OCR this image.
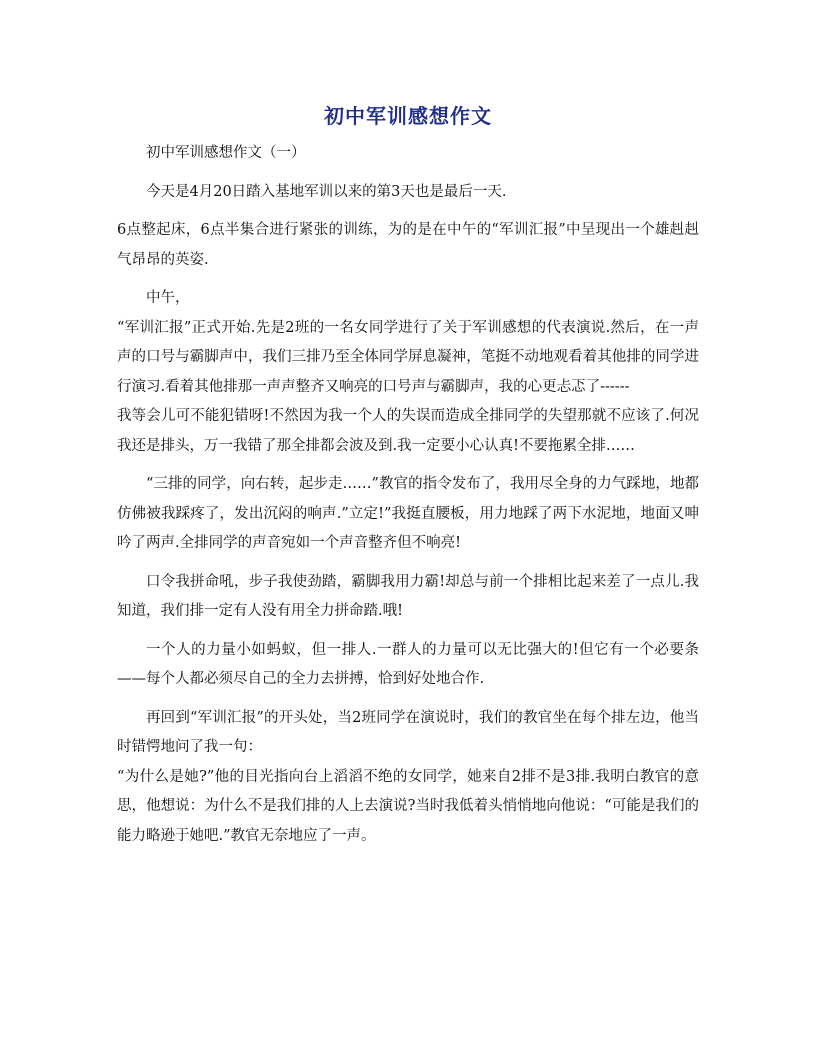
初中军训感想作文

初中军训感想作文（一）

今天是4月20日踏入基地军训以来的第3天也是最后一天.

6点整起床，6点半集合进行紧张的训练，为的是在中午的“军训汇报”中呈现出一个雄赳赳气昂昂的英姿.

中午，

“军训汇报”正式开始.先是2班的一名女同学进行了关于军训感想的代表演说.然后，在一声声的口号与霸脚声中，我们三排乃至全体同学屏息凝神，笔挺不动地观看着其他排的同学进行演习.看着其他排那一声声整齐又响亮的口号声与霸脚声，我的心更忐忑了------

我等会儿可不能犯错呀!不然因为我一个人的失误而造成全排同学的失望那就不应该了.何况我还是排头，万一我错了那全排都会波及到.我一定要小心认真!不要拖累全排……

“三排的同学，向右转，起步走……”教官的指令发布了，我用尽全身的力气踩地，地都仿佛被我踩疼了，发出沉闷的响声.”立定!”我挺直腰板，用力地踩了两下水泥地，地面又呻吟了两声.全排同学的声音宛如一个声音整齐但不响亮!

口令我拼命吼，步子我使劲踏，霸脚我用力霸!却总与前一个排相比起来差了一点儿.我知道，我们排一定有人没有用全力拼命踏.哦!

一个人的力量小如蚂蚁，但一排人.一群人的力量可以无比强大的!但它有一个必要条——每个人都必须尽自己的全力去拼搏，恰到好处地合作.

再回到“军训汇报”的开头处，当2班同学在演说时，我们的教官坐在每个排左边，他当时错愕地问了我一句：

“为什么是她?”他的目光指向台上滔滔不绝的女同学，她来自2排不是3排.我明白教官的意思，他想说：为什么不是我们排的人上去演说?当时我低着头悄悄地向他说：“可能是我们的能力略逊于她吧.”教官无奈地应了一声。
